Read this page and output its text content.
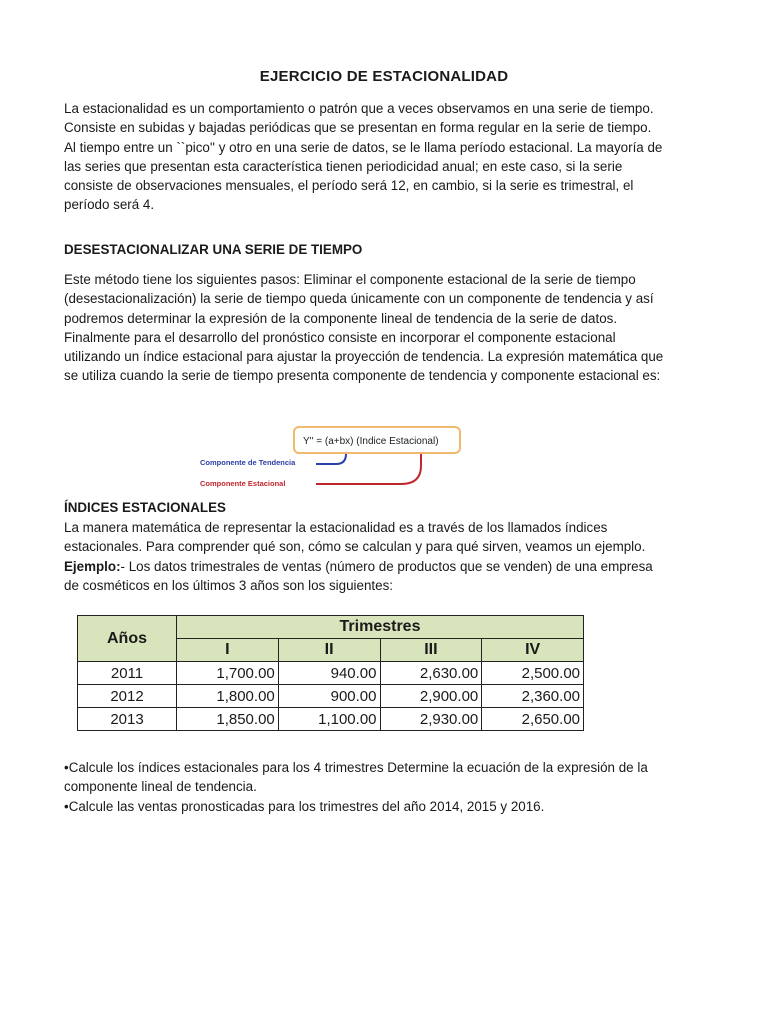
EJERCICIO DE ESTACIONALIDAD

La estacionalidad es un comportamiento o patrón que a veces observamos en una serie de tiempo. Consiste en subidas y bajadas periódicas que se presentan en forma regular en la serie de tiempo. Al tiempo entre un ``pico'' y otro en una serie de datos, se le llama período estacional. La mayoría de las series que presentan esta característica tienen periodicidad anual; en este caso, si la serie consiste de observaciones mensuales, el período será 12, en cambio, si la serie es trimestral, el período será 4.

DESESTACIONALIZAR UNA SERIE DE TIEMPO

Este método tiene los siguientes pasos: Eliminar el componente estacional de la serie de tiempo (desestacionalización) la serie de tiempo queda únicamente con un componente de tendencia y así podremos determinar la expresión de la componente lineal de tendencia de la serie de datos. Finalmente para el desarrollo del pronóstico consiste en incorporar el componente estacional utilizando un índice estacional para ajustar la proyección de tendencia. La expresión matemática que se utiliza cuando la serie de tiempo presenta componente de tendencia y componente estacional es:

Y'' = (a+bx) (Indice Estacional)
Componente de Tendencia
Componente Estacional
ÍNDICES ESTACIONALES

La manera matemática de representar la estacionalidad es a través de los llamados índices estacionales. Para comprender qué son, cómo se calculan y para qué sirven, veamos un ejemplo. Ejemplo:- Los datos trimestrales de ventas (número de productos que se venden) de una empresa de cosméticos en los últimos 3 años son los siguientes:

Años	Trimestres			
	I	II	III	IV
2011	1,700.00	940.00	2,630.00	2,500.00
2012	1,800.00	900.00	2,900.00	2,360.00
2013	1,850.00	1,100.00	2,930.00	2,650.00
•Calcule los índices estacionales para los 4 trimestres Determine la ecuación de la expresión de la componente lineal de tendencia.
•Calcule las ventas pronosticadas para los trimestres del año 2014, 2015 y 2016.
